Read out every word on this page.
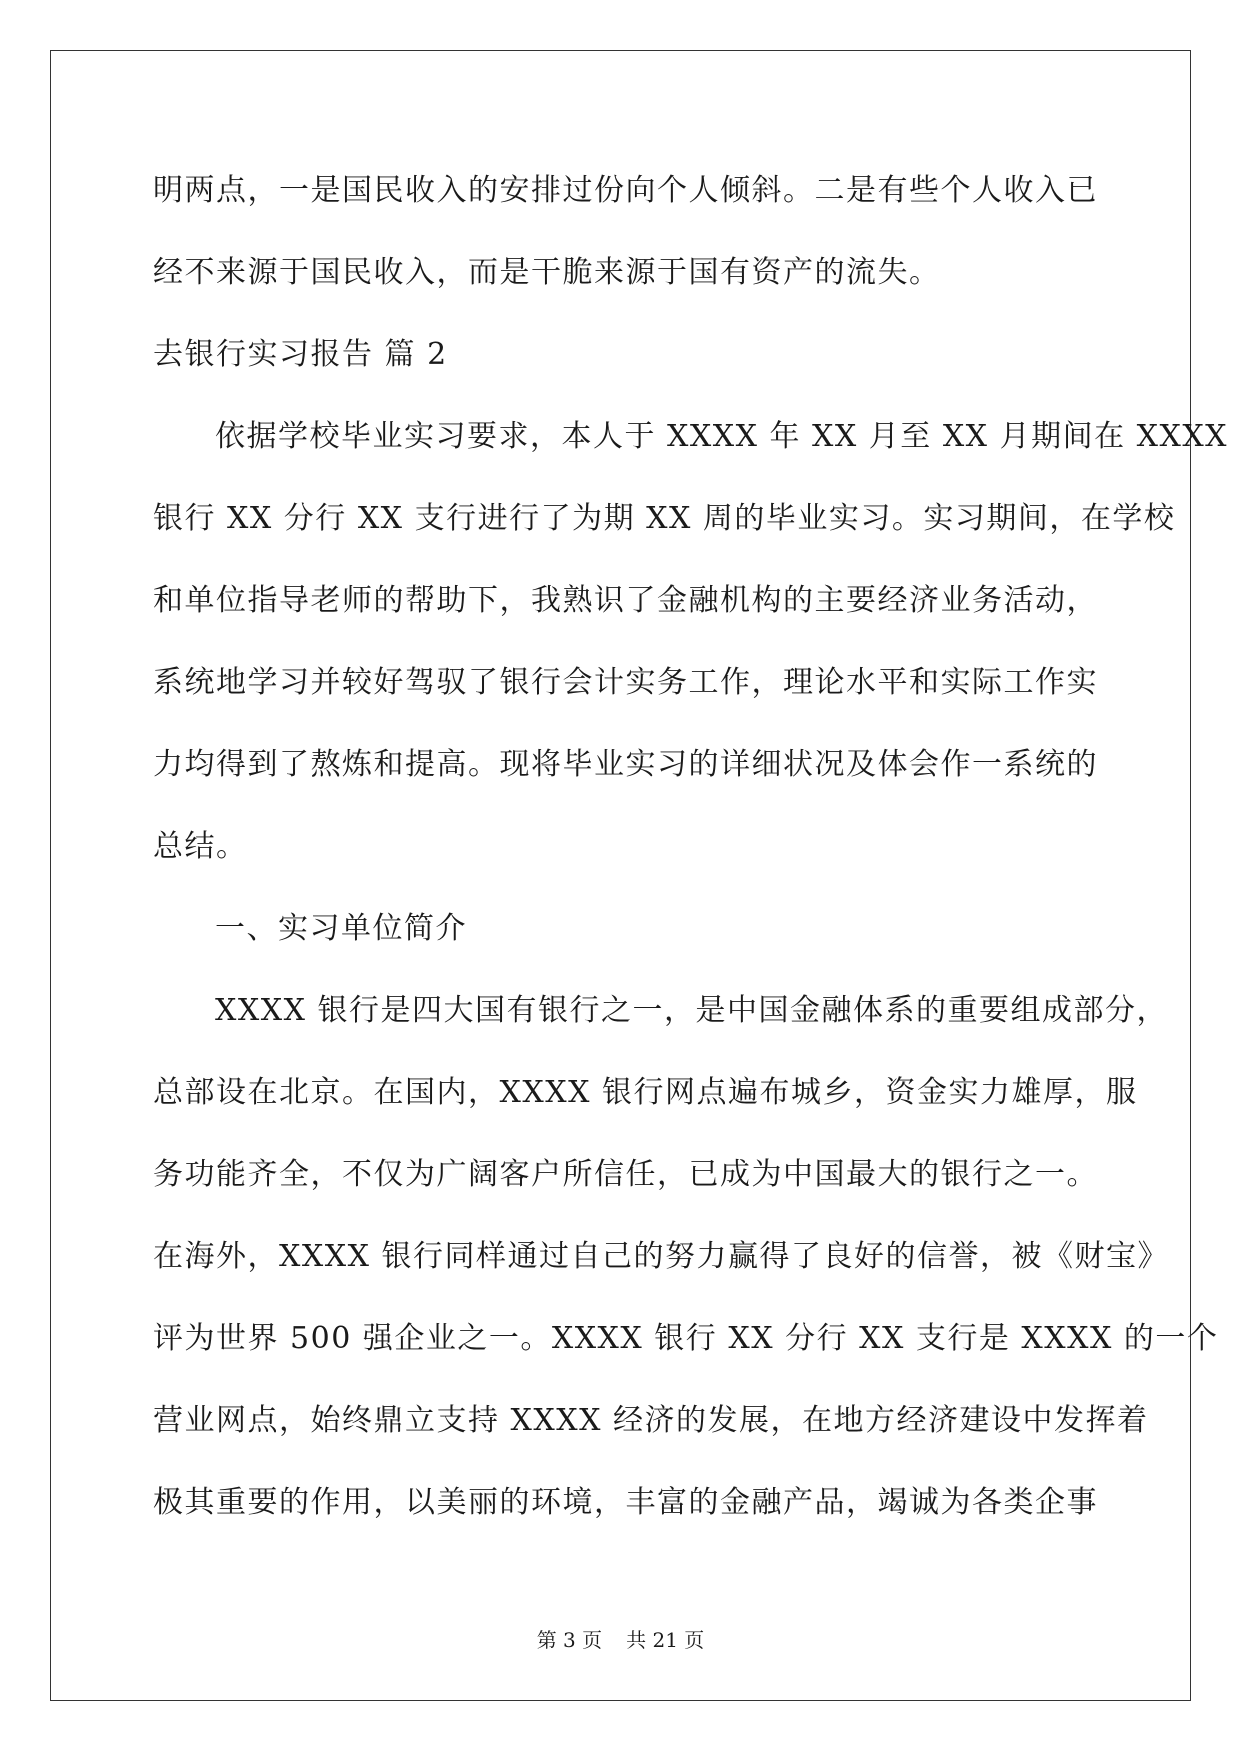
明两点，一是国民收入的安排过份向个人倾斜。二是有些个人收入已
经不来源于国民收入，而是干脆来源于国有资产的流失。
去银行实习报告 篇 2
依据学校毕业实习要求，本人于 XXXX 年 XX 月至 XX 月期间在 XXXX
银行 XX 分行 XX 支行进行了为期 XX 周的毕业实习。实习期间，在学校
和单位指导老师的帮助下，我熟识了金融机构的主要经济业务活动，
系统地学习并较好驾驭了银行会计实务工作，理论水平和实际工作实
力均得到了熬炼和提高。现将毕业实习的详细状况及体会作一系统的
总结。
一、实习单位简介
XXXX 银行是四大国有银行之一，是中国金融体系的重要组成部分，
总部设在北京。在国内，XXXX 银行网点遍布城乡，资金实力雄厚，服
务功能齐全，不仅为广阔客户所信任，已成为中国最大的银行之一。
在海外，XXXX 银行同样通过自己的努力赢得了良好的信誉，被《财宝》
评为世界 500 强企业之一。XXXX 银行 XX 分行 XX 支行是 XXXX 的一个
营业网点，始终鼎立支持 XXXX 经济的发展，在地方经济建设中发挥着
极其重要的作用，以美丽的环境，丰富的金融产品，竭诚为各类企事
第 3 页 共 21 页
